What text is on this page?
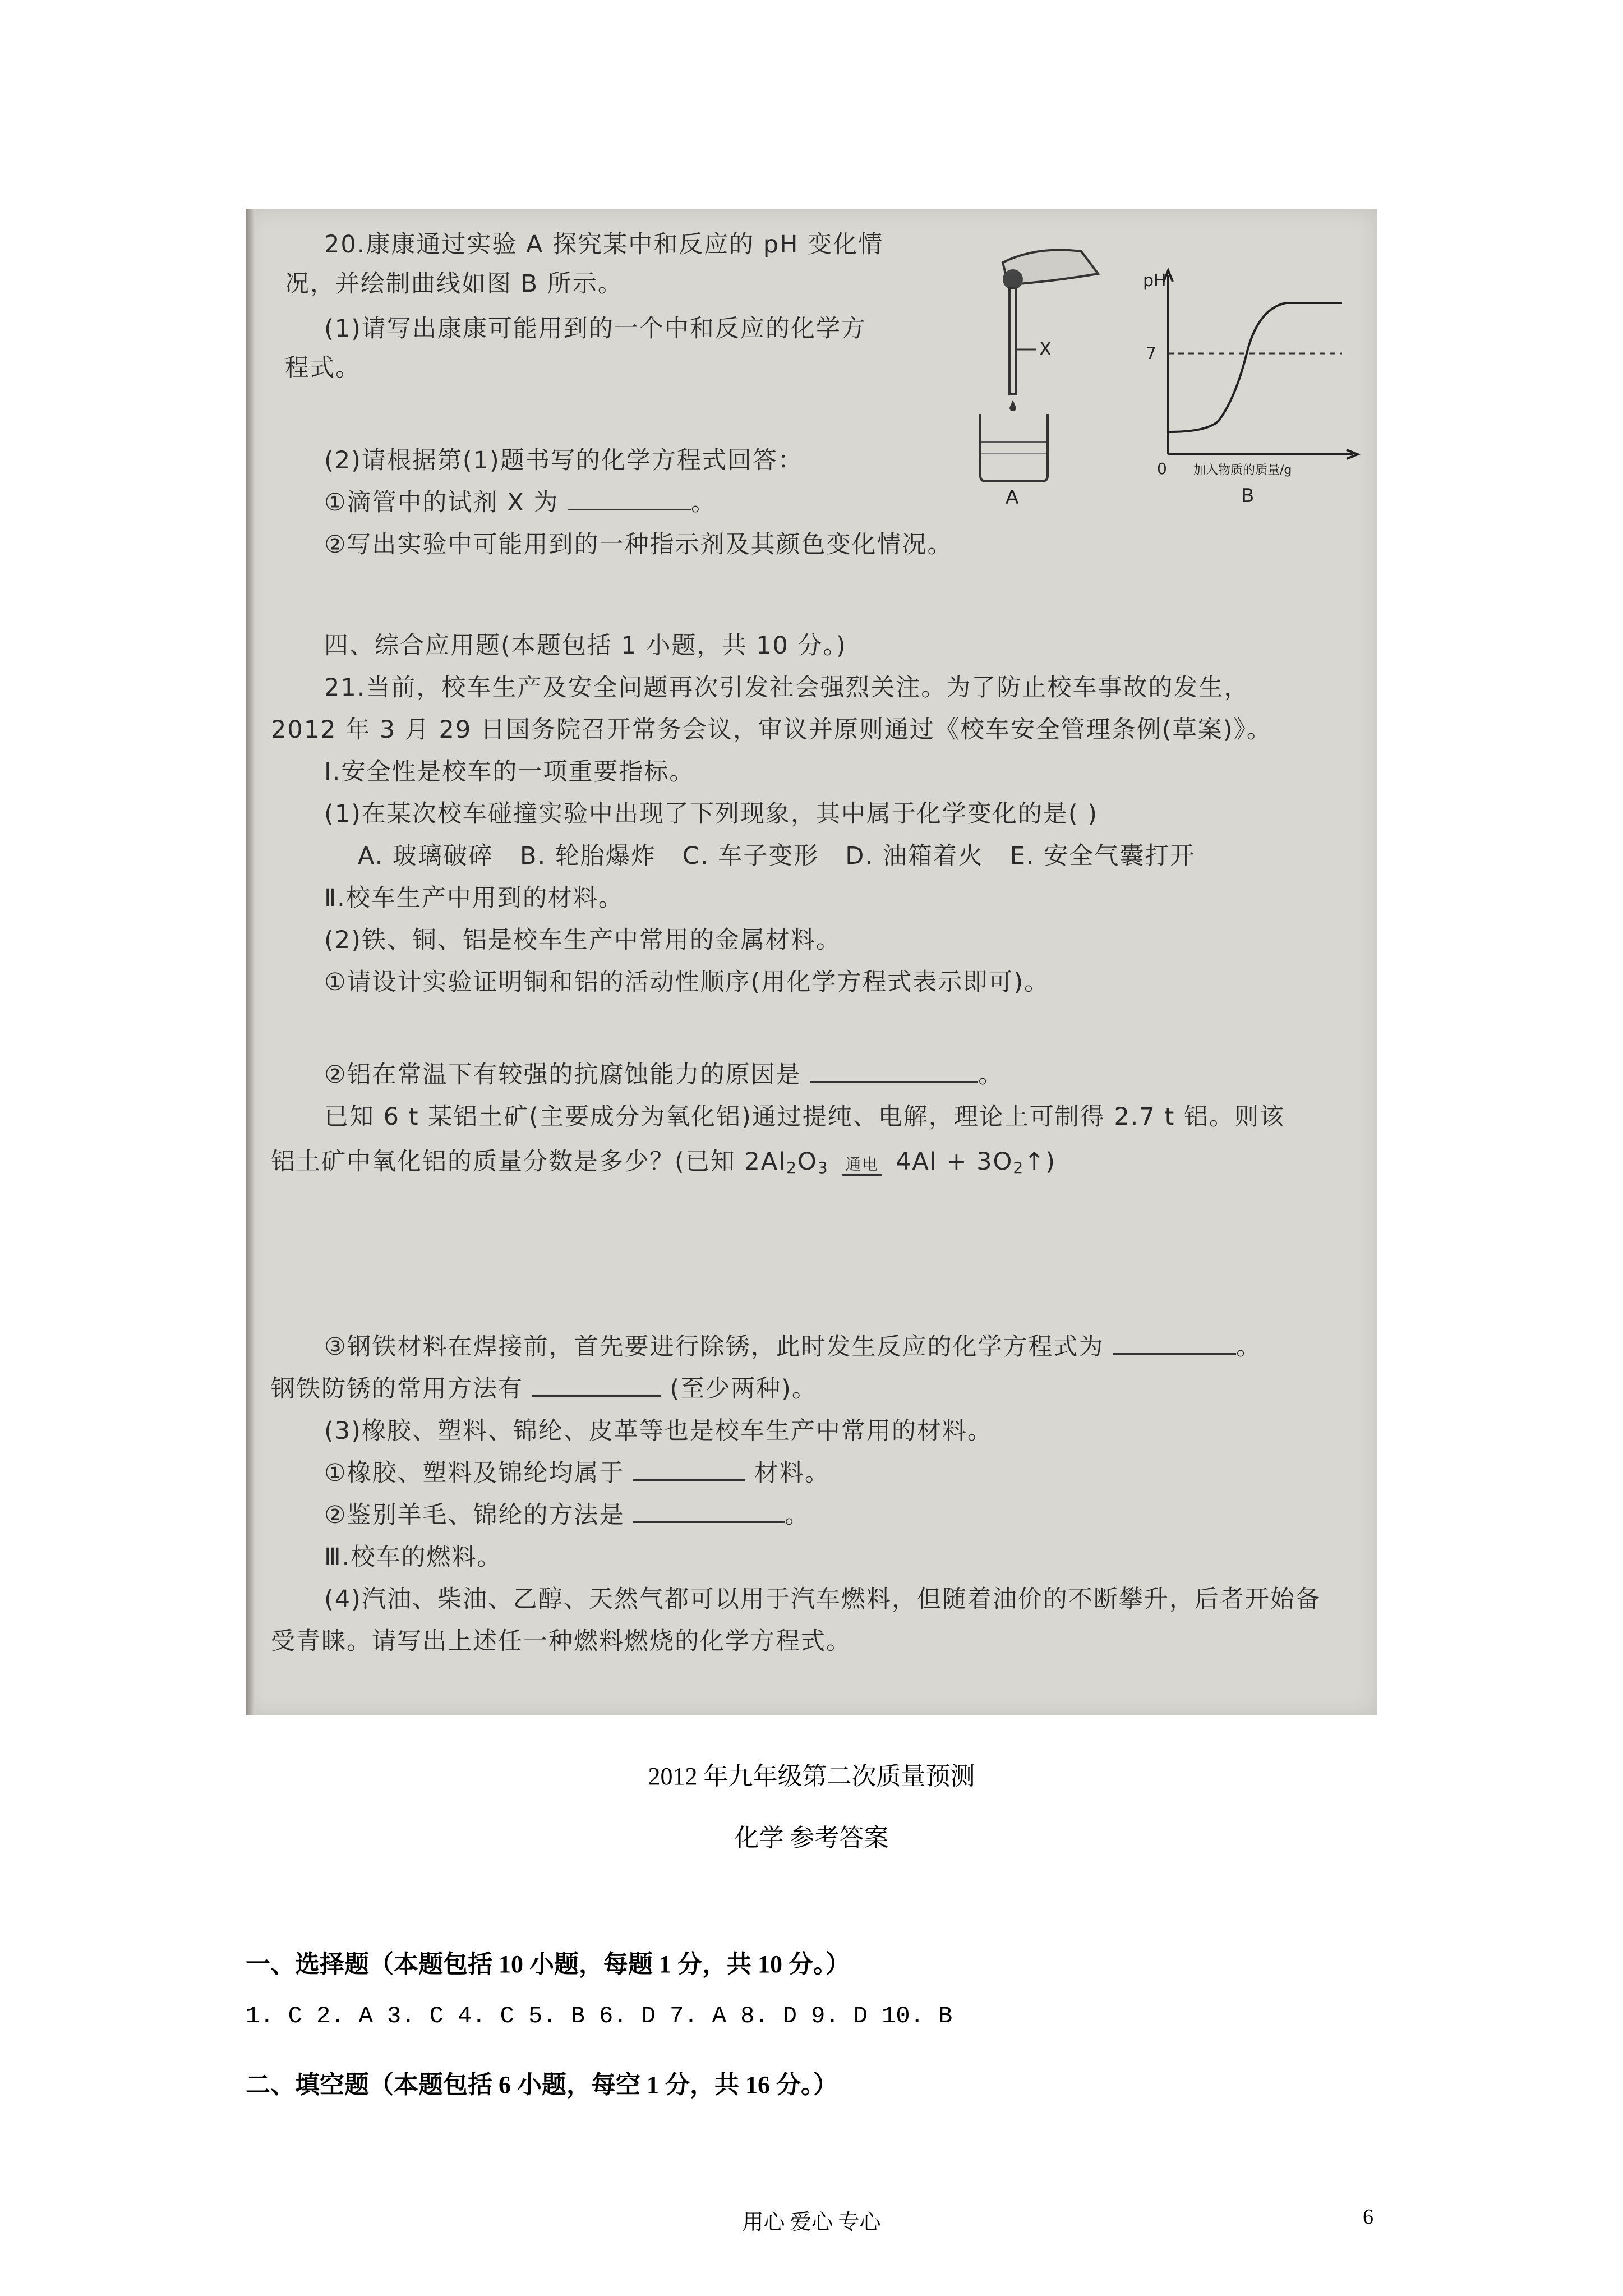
20.康康通过实验 A 探究某中和反应的 pH 变化情
况，并绘制曲线如图 B 所示。
(1)请写出康康可能用到的一个中和反应的化学方
程式。
(2)请根据第(1)题书写的化学方程式回答：
①滴管中的试剂 X 为	。
②写出实验中可能用到的一种指示剂及其颜色变化情况。
X
A
pH
7
0 加入物质的质量/g
B
四、综合应用题(本题包括 1 小题，共 10 分。)
21.当前，校车生产及安全问题再次引发社会强烈关注。为了防止校车事故的发生，
2012 年 3 月 29 日国务院召开常务会议，审议并原则通过《校车安全管理条例(草案)》。
Ⅰ.安全性是校车的一项重要指标。
(1)在某次校车碰撞实验中出现了下列现象，其中属于化学变化的是( )
A. 玻璃破碎 B. 轮胎爆炸 C. 车子变形 D. 油箱着火 E. 安全气囊打开
Ⅱ.校车生产中用到的材料。
(2)铁、铜、铝是校车生产中常用的金属材料。
①请设计实验证明铜和铝的活动性顺序(用化学方程式表示即可)。
②铝在常温下有较强的抗腐蚀能力的原因是	。
已知 6 t 某铝土矿(主要成分为氧化铝)通过提纯、电解，理论上可制得 2.7 t 铝。则该
铝土矿中氧化铝的质量分数是多少？(已知 $2Al_2O_3$ 通电 $4Al + 3O_2↑$)
③钢铁材料在焊接前，首先要进行除锈，此时发生反应的化学方程式为	。
钢铁防锈的常用方法有	(至少两种)。
(3)橡胶、塑料、锦纶、皮革等也是校车生产中常用的材料。
①橡胶、塑料及锦纶均属于	材料。
②鉴别羊毛、锦纶的方法是	。
Ⅲ.校车的燃料。
(4)汽油、柴油、乙醇、天然气都可以用于汽车燃料，但随着油价的不断攀升，后者开始备
受青睐。请写出上述任一种燃料燃烧的化学方程式。
2012 年九年级第二次质量预测
化学 参考答案
一、选择题（本题包括 10 小题，每题 1 分，共 10 分。）
1. C 2. A 3. C 4. C 5. B 6. D 7. A 8. D 9. D 10. B
二、填空题（本题包括 6 小题，每空 1 分，共 16 分。）
用心 爱心 专心	6
